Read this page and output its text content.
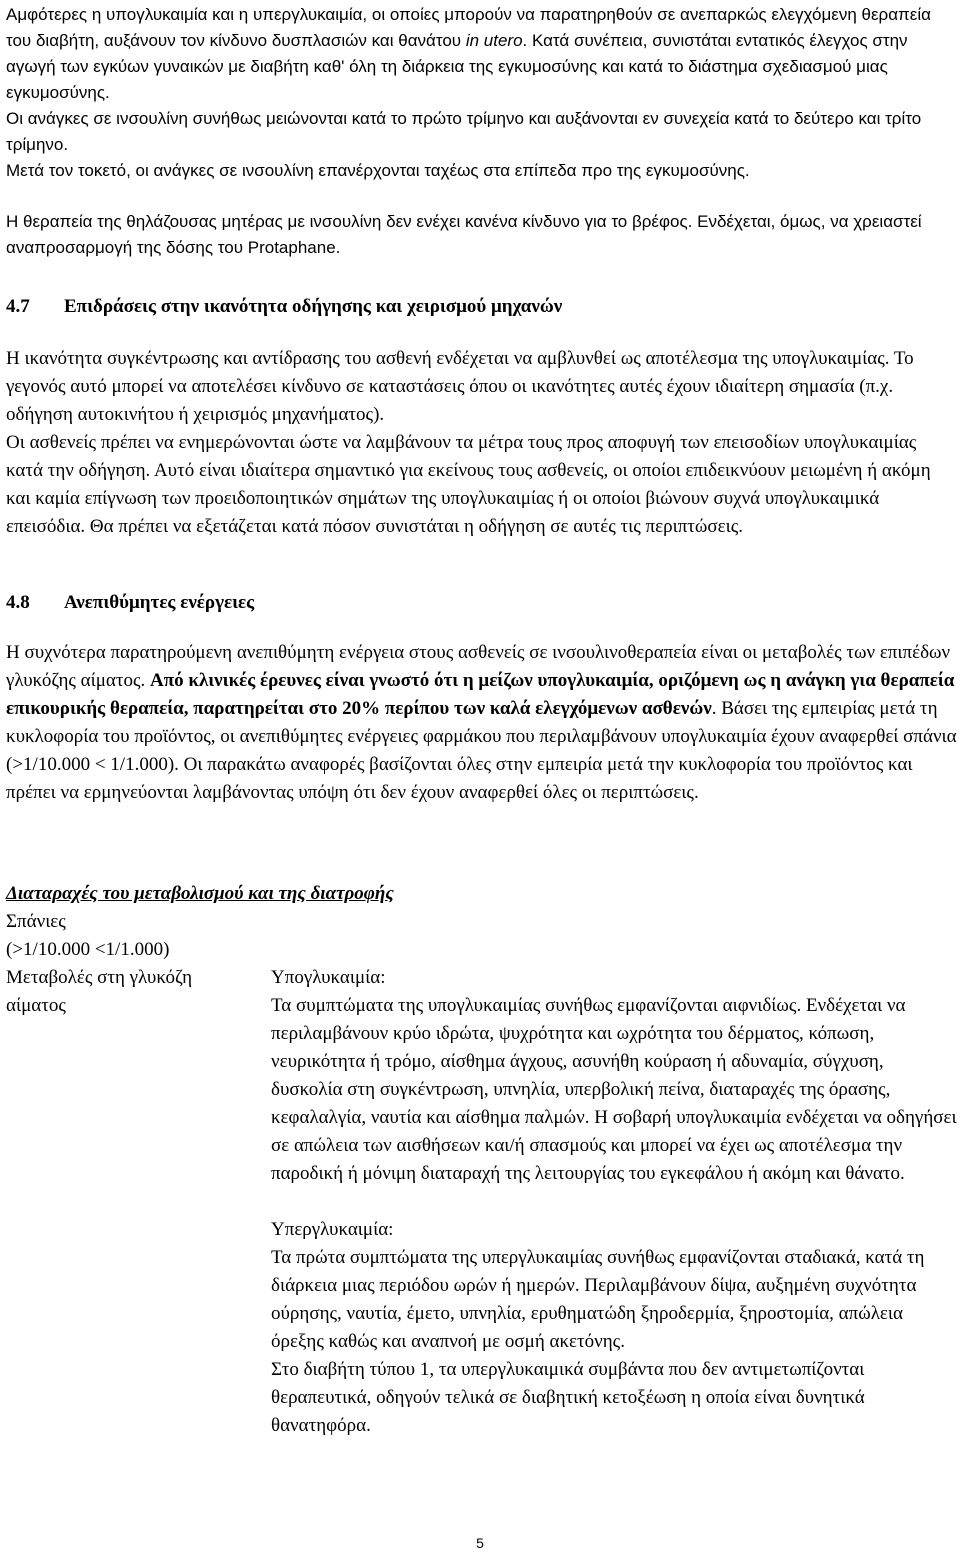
Αμφότερες η υπογλυκαιμία και η υπεργλυκαιμία, οι οποίες μπορούν να παρατηρηθούν σε ανεπαρκώς ελεγχόμενη θεραπεία του διαβήτη, αυξάνουν τον κίνδυνο δυσπλασιών και θανάτου in utero. Κατά συνέπεια, συνιστάται εντατικός έλεγχος στην αγωγή των εγκύων γυναικών με διαβήτη καθ' όλη τη διάρκεια της εγκυμοσύνης και κατά το διάστημα σχεδιασμού μιας εγκυμοσύνης.

Οι ανάγκες σε ινσουλίνη συνήθως μειώνονται κατά το πρώτο τρίμηνο και αυξάνονται εν συνεχεία κατά το δεύτερο και τρίτο τρίμηνο.

Μετά τον τοκετό, οι ανάγκες σε ινσουλίνη επανέρχονται ταχέως στα επίπεδα προ της εγκυμοσύνης.

Η θεραπεία της θηλάζουσας μητέρας με ινσουλίνη δεν ενέχει κανένα κίνδυνο για το βρέφος. Ενδέχεται, όμως, να χρειαστεί αναπροσαρμογή της δόσης του Protaphane.

4.7 Επιδράσεις στην ικανότητα οδήγησης και χειρισμού μηχανών

Η ικανότητα συγκέντρωσης και αντίδρασης του ασθενή ενδέχεται να αμβλυνθεί ως αποτέλεσμα της υπογλυκαιμίας. Το γεγονός αυτό μπορεί να αποτελέσει κίνδυνο σε καταστάσεις όπου οι ικανότητες αυτές έχουν ιδιαίτερη σημασία (π.χ. οδήγηση αυτοκινήτου ή χειρισμός μηχανήματος).

Οι ασθενείς πρέπει να ενημερώνονται ώστε να λαμβάνουν τα μέτρα τους προς αποφυγή των επεισοδίων υπογλυκαιμίας κατά την οδήγηση. Αυτό είναι ιδιαίτερα σημαντικό για εκείνους τους ασθενείς, οι οποίοι επιδεικνύουν μειωμένη ή ακόμη και καμία επίγνωση των προειδοποιητικών σημάτων της υπογλυκαιμίας ή οι οποίοι βιώνουν συχνά υπογλυκαιμικά επεισόδια. Θα πρέπει να εξετάζεται κατά πόσον συνιστάται η οδήγηση σε αυτές τις περιπτώσεις.

4.8 Ανεπιθύμητες ενέργειες

Η συχνότερα παρατηρούμενη ανεπιθύμητη ενέργεια στους ασθενείς σε ινσουλινοθεραπεία είναι οι μεταβολές των επιπέδων γλυκόζης αίματος. Από κλινικές έρευνες είναι γνωστό ότι η μείζων υπογλυκαιμία, οριζόμενη ως η ανάγκη για θεραπεία επικουρικής θεραπεία, παρατηρείται στο 20% περίπου των καλά ελεγχόμενων ασθενών. Βάσει της εμπειρίας μετά τη κυκλοφορία του προϊόντος, οι ανεπιθύμητες ενέργειες φαρμάκου που περιλαμβάνουν υπογλυκαιμία έχουν αναφερθεί σπάνια (>1/10.000 < 1/1.000). Οι παρακάτω αναφορές βασίζονται όλες στην εμπειρία μετά την κυκλοφορία του προϊόντος και πρέπει να ερμηνεύονται λαμβάνοντας υπόψη ότι δεν έχουν αναφερθεί όλες οι περιπτώσεις.

Διαταραχές του μεταβολισμού και της διατροφής
Σπάνιες
(>1/10.000 <1/1.000)
Μεταβολές στη γλυκόζη αίματος
Υπογλυκαιμία:
Τα συμπτώματα της υπογλυκαιμίας συνήθως εμφανίζονται αιφνιδίως. Ενδέχεται να περιλαμβάνουν κρύο ιδρώτα, ψυχρότητα και ωχρότητα του δέρματος, κόπωση, νευρικότητα ή τρόμο, αίσθημα άγχους, ασυνήθη κούραση ή αδυναμία, σύγχυση, δυσκολία στη συγκέντρωση, υπνηλία, υπερβολική πείνα, διαταραχές της όρασης, κεφαλαλγία, ναυτία και αίσθημα παλμών. Η σοβαρή υπογλυκαιμία ενδέχεται να οδηγήσει σε απώλεια των αισθήσεων και/ή σπασμούς και μπορεί να έχει ως αποτέλεσμα την παροδική ή μόνιμη διαταραχή της λειτουργίας του εγκεφάλου ή ακόμη και θάνατο.
Υπεργλυκαιμία:
Τα πρώτα συμπτώματα της υπεργλυκαιμίας συνήθως εμφανίζονται σταδιακά, κατά τη διάρκεια μιας περιόδου ωρών ή ημερών. Περιλαμβάνουν δίψα, αυξημένη συχνότητα ούρησης, ναυτία, έμετο, υπνηλία, ερυθηματώδη ξηροδερμία, ξηροστομία, απώλεια όρεξης καθώς και αναπνοή με οσμή ακετόνης.
Στο διαβήτη τύπου 1, τα υπεργλυκαιμικά συμβάντα που δεν αντιμετωπίζονται θεραπευτικά, οδηγούν τελικά σε διαβητική κετοξέωση η οποία είναι δυνητικά θανατηφόρα.
5
